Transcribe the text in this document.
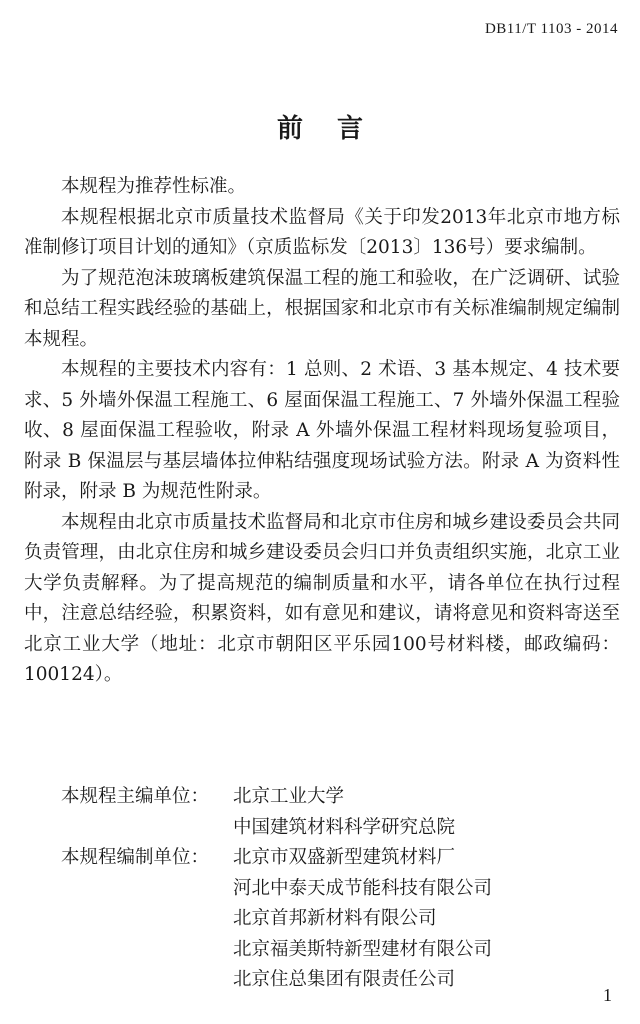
DB11/T 1103 - 2014
前言

本规程为推荐性标准。

本规程根据北京市质量技术监督局《关于印发2013年北京市地方标准制修订项目计划的通知》（京质监标发〔2013〕136号）要求编制。

为了规范泡沫玻璃板建筑保温工程的施工和验收，在广泛调研、试验和总结工程实践经验的基础上，根据国家和北京市有关标准编制规定编制本规程。

本规程的主要技术内容有：1 总则、2 术语、3 基本规定、4 技术要求、5 外墙外保温工程施工、6 屋面保温工程施工、7 外墙外保温工程验收、8 屋面保温工程验收，附录 A 外墙外保温工程材料现场复验项目，附录 B 保温层与基层墙体拉伸粘结强度现场试验方法。附录 A 为资料性附录，附录 B 为规范性附录。

本规程由北京市质量技术监督局和北京市住房和城乡建设委员会共同负责管理，由北京住房和城乡建设委员会归口并负责组织实施，北京工业大学负责解释。为了提高规范的编制质量和水平，请各单位在执行过程中，注意总结经验，积累资料，如有意见和建议，请将意见和资料寄送至北京工业大学（地址：北京市朝阳区平乐园100号材料楼，邮政编码：100124）。

本规程主编单位：	北京工业大学
中国建筑材料科学研究总院
本规程编制单位：	北京市双盛新型建筑材料厂
河北中泰天成节能科技有限公司
北京首邦新材料有限公司
北京福美斯特新型建材有限公司
北京住总集团有限责任公司
1
